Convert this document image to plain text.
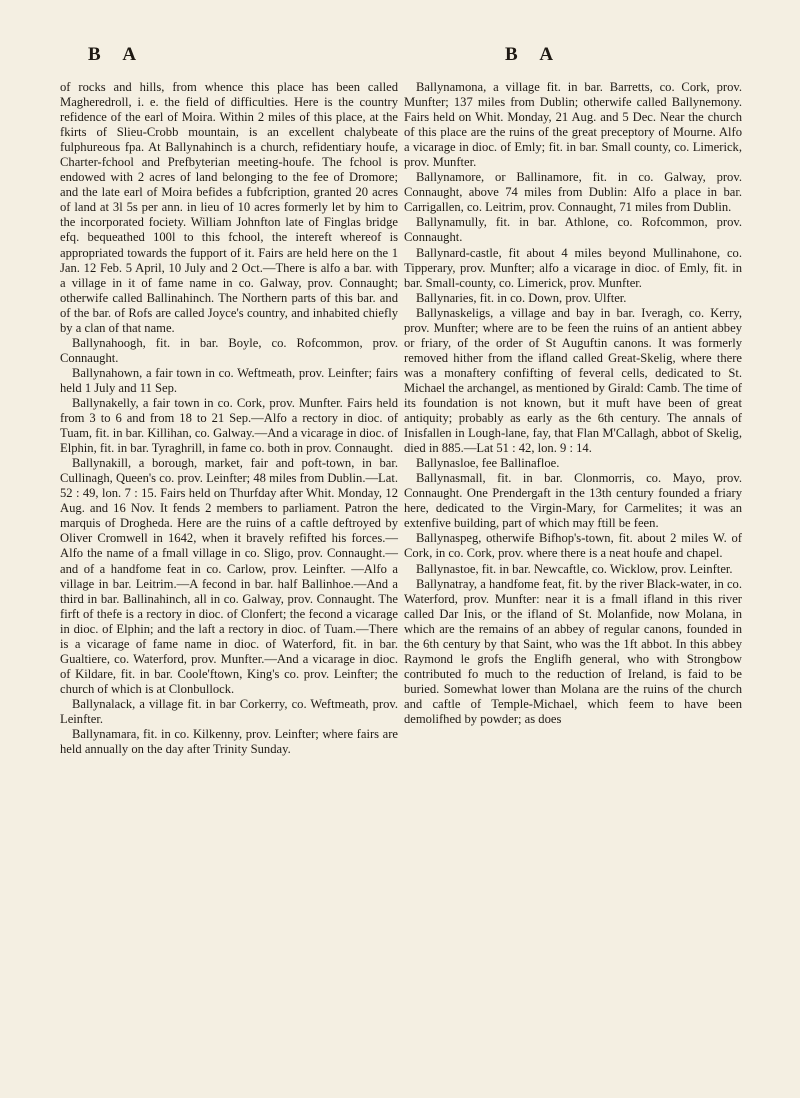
B A	B A

of rocks and hills, from whence this place has been called Magheredroll, i. e. the field of difficulties. Here is the country refidence of the earl of Moira. Within 2 miles of this place, at the fkirts of Slieu-Crobb mountain, is an excellent chalybeate fulphureous fpa. At Ballynahinch is a church, refidentiary houfe, Charter-fchool and Prefbyterian meeting-houfe. The fchool is endowed with 2 acres of land belonging to the fee of Dromore; and the late earl of Moira befides a fubfcription, granted 20 acres of land at 3l 5s per ann. in lieu of 10 acres formerly let by him to the incorporated fociety. William Johnfton late of Finglas bridge efq. bequeathed 100l to this fchool, the intereft whereof is appropriated towards the fupport of it. Fairs are held here on the 1 Jan. 12 Feb. 5 April, 10 July and 2 Oct.—There is alfo a bar. with a village in it of fame name in co. Galway, prov. Connaught; otherwife called Ballinahinch. The Northern parts of this bar. and of the bar. of Rofs are called Joyce's country, and inhabited chiefly by a clan of that name.

Ballynahoogh, fit. in bar. Boyle, co. Rofcommon, prov. Connaught.

Ballynahown, a fair town in co. Weftmeath, prov. Leinfter; fairs held 1 July and 11 Sep.

Ballynakelly, a fair town in co. Cork, prov. Munfter. Fairs held from 3 to 6 and from 18 to 21 Sep.—Alfo a rectory in dioc. of Tuam, fit. in bar. Killihan, co. Galway.—And a vicarage in dioc. of Elphin, fit. in bar. Tyraghrill, in fame co. both in prov. Connaught.

Ballynakill, a borough, market, fair and poft-town, in bar. Cullinagh, Queen's co. prov. Leinfter; 48 miles from Dublin.—Lat. 52 : 49, lon. 7 : 15. Fairs held on Thurfday after Whit. Monday, 12 Aug. and 16 Nov. It fends 2 members to parliament. Patron the marquis of Drogheda. Here are the ruins of a caftle deftroyed by Oliver Cromwell in 1642, when it bravely refifted his forces.—Alfo the name of a fmall village in co. Sligo, prov. Connaught.—and of a handfome feat in co. Carlow, prov. Leinfter. —Alfo a village in bar. Leitrim.—A fecond in bar. half Ballinhoe.—And a third in bar. Ballinahinch, all in co. Galway, prov. Connaught. The firft of thefe is a rectory in dioc. of Clonfert; the fecond a vicarage in dioc. of Elphin; and the laft a rectory in dioc. of Tuam.—There is a vicarage of fame name in dioc. of Waterford, fit. in bar. Gualtiere, co. Waterford, prov. Munfter.—And a vicarage in dioc. of Kildare, fit. in bar. Coole'ftown, King's co. prov. Leinfter; the church of which is at Clonbullock.

Ballynalack, a village fit. in bar Corkerry, co. Weftmeath, prov. Leinfter.

Ballynamara, fit. in co. Kilkenny, prov. Leinfter; where fairs are held annually on the day after Trinity Sunday.

Ballynamona, a village fit. in bar. Barretts, co. Cork, prov. Munfter; 137 miles from Dublin; otherwife called Ballynemony. Fairs held on Whit. Monday, 21 Aug. and 5 Dec. Near the church of this place are the ruins of the great preceptory of Mourne. Alfo a vicarage in dioc. of Emly; fit. in bar. Small county, co. Limerick, prov. Munfter.

Ballynamore, or Ballinamore, fit. in co. Galway, prov. Connaught, above 74 miles from Dublin: Alfo a place in bar. Carrigallen, co. Leitrim, prov. Connaught, 71 miles from Dublin.

Ballynamully, fit. in bar. Athlone, co. Rofcommon, prov. Connaught.

Ballynard-castle, fit about 4 miles beyond Mullinahone, co. Tipperary, prov. Munfter; alfo a vicarage in dioc. of Emly, fit. in bar. Small-county, co. Limerick, prov. Munfter.

Ballynaries, fit. in co. Down, prov. Ulfter.

Ballynaskeligs, a village and bay in bar. Iveragh, co. Kerry, prov. Munfter; where are to be feen the ruins of an antient abbey or friary, of the order of St Auguftin canons. It was formerly removed hither from the ifland called Great-Skelig, where there was a monaftery confifting of feveral cells, dedicated to St. Michael the archangel, as mentioned by Girald: Camb. The time of its foundation is not known, but it muft have been of great antiquity; probably as early as the 6th century. The annals of Inisfallen in Lough-lane, fay, that Flan M'Callagh, abbot of Skelig, died in 885.—Lat 51 : 42, lon. 9 : 14.

Ballynasloe, fee Ballinafloe.

Ballynasmall, fit. in bar. Clonmorris, co. Mayo, prov. Connaught. One Prendergaft in the 13th century founded a friary here, dedicated to the Virgin-Mary, for Carmelites; it was an extenfive building, part of which may ftill be feen.

Ballynaspeg, otherwife Bifhop's-town, fit. about 2 miles W. of Cork, in co. Cork, prov. where there is a neat houfe and chapel.

Ballynastoe, fit. in bar. Newcaftle, co. Wicklow, prov. Leinfter.

Ballynatray, a handfome feat, fit. by the river Black-water, in co. Waterford, prov. Munfter: near it is a fmall ifland in this river called Dar Inis, or the ifland of St. Molanfide, now Molana, in which are the remains of an abbey of regular canons, founded in the 6th century by that Saint, who was the 1ft abbot. In this abbey Raymond le grofs the Englifh general, who with Strongbow contributed fo much to the reduction of Ireland, is faid to be buried. Somewhat lower than Molana are the ruins of the church and caftle of Temple-Michael, which feem to have been demolifhed by powder; as does
